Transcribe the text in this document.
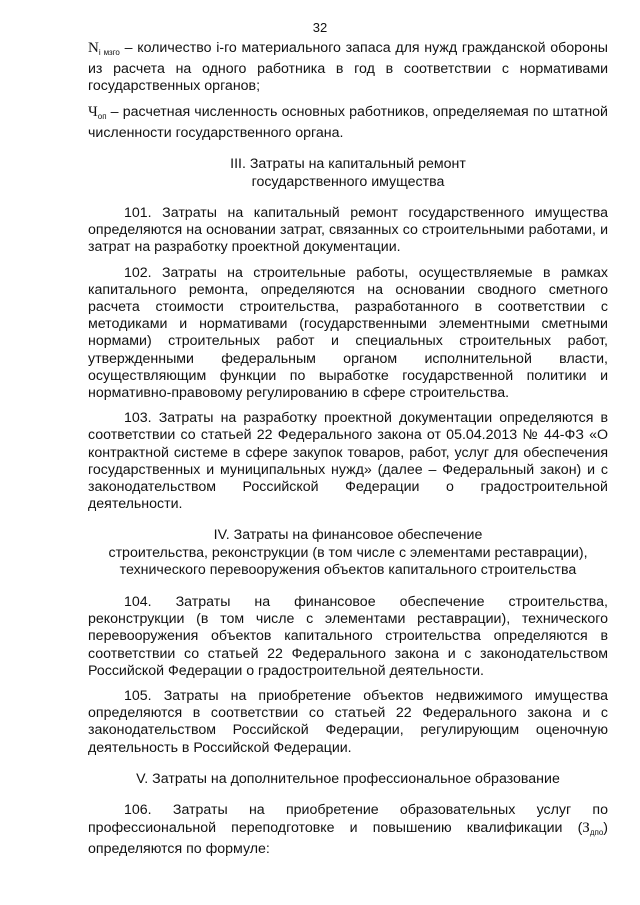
32

$N_{i мзго}$ – количество i-го материального запаса для нужд гражданской обороны из расчета на одного работника в год в соответствии с нормативами государственных органов;

$Ч_{оп}$ – расчетная численность основных работников, определяемая по штатной численности государственного органа.

III. Затраты на капитальный ремонт
государственного имущества

101. Затраты на капитальный ремонт государственного имущества определяются на основании затрат, связанных со строительными работами, и затрат на разработку проектной документации.

102. Затраты на строительные работы, осуществляемые в рамках капитального ремонта, определяются на основании сводного сметного расчета стоимости строительства, разработанного в соответствии с методиками и нормативами (государственными элементными сметными нормами) строительных работ и специальных строительных работ, утвержденными федеральным органом исполнительной власти, осуществляющим функции по выработке государственной политики и нормативно-правовому регулированию в сфере строительства.

103. Затраты на разработку проектной документации определяются в соответствии со статьей 22 Федерального закона от 05.04.2013 № 44-ФЗ «О контрактной системе в сфере закупок товаров, работ, услуг для обеспечения государственных и муниципальных нужд» (далее – Федеральный закон) и с законодательством Российской Федерации о градостроительной деятельности.

IV. Затраты на финансовое обеспечение
строительства, реконструкции (в том числе с элементами реставрации),
технического перевооружения объектов капитального строительства

104. Затраты на финансовое обеспечение строительства, реконструкции (в том числе с элементами реставрации), технического перевооружения объектов капитального строительства определяются в соответствии со статьей 22 Федерального закона и с законодательством Российской Федерации о градостроительной деятельности.

105. Затраты на приобретение объектов недвижимого имущества определяются в соответствии со статьей 22 Федерального закона и с законодательством Российской Федерации, регулирующим оценочную деятельность в Российской Федерации.

V. Затраты на дополнительное профессиональное образование

106. Затраты на приобретение образовательных услуг по профессиональной переподготовке и повышению квалификации $(З_{дпо})$ определяются по формуле:
